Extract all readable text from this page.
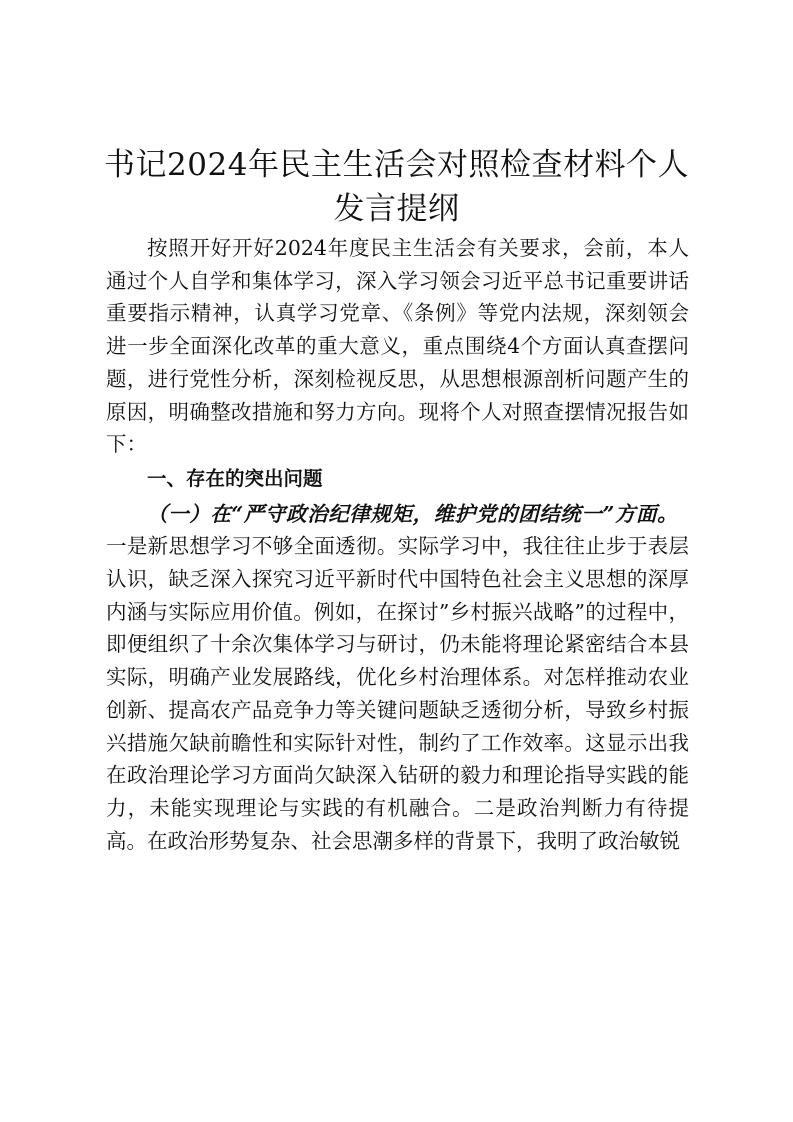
书记2024年民主生活会对照检查材料个人发言提纲

按照开好开好2024年度民主生活会有关要求，会前，本人通过个人自学和集体学习，深入学习领会习近平总书记重要讲话重要指示精神，认真学习党章、《条例》等党内法规，深刻领会进一步全面深化改革的重大意义，重点围绕4个方面认真查摆问题，进行党性分析，深刻检视反思，从思想根源剖析问题产生的原因，明确整改措施和努力方向。现将个人对照查摆情况报告如下：

一、存在的突出问题

（一）在“严守政治纪律规矩，维护党的团结统一”方面。

一是新思想学习不够全面透彻。实际学习中，我往往止步于表层认识，缺乏深入探究习近平新时代中国特色社会主义思想的深厚内涵与实际应用价值。例如，在探讨”乡村振兴战略”的过程中，即便组织了十余次集体学习与研讨，仍未能将理论紧密结合本县实际，明确产业发展路线，优化乡村治理体系。对怎样推动农业创新、提高农产品竞争力等关键问题缺乏透彻分析，导致乡村振兴措施欠缺前瞻性和实际针对性，制约了工作效率。这显示出我在政治理论学习方面尚欠缺深入钻研的毅力和理论指导实践的能力，未能实现理论与实践的有机融合。二是政治判断力有待提高。在政治形势复杂、社会思潮多样的背景下，我明了政治敏锐
